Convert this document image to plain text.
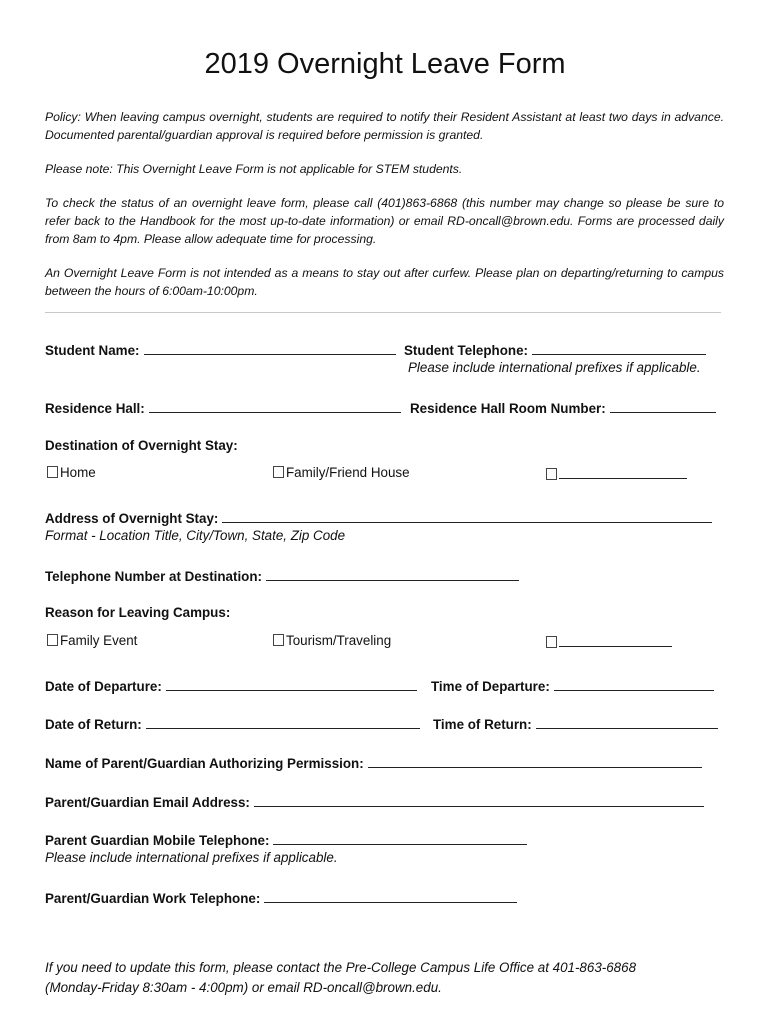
2019 Overnight Leave Form
Policy: When leaving campus overnight, students are required to notify their Resident Assistant at least two days in advance. Documented parental/guardian approval is required before permission is granted.
Please note: This Overnight Leave Form is not applicable for STEM students.
To check the status of an overnight leave form, please call (401)863-6868 (this number may change so please be sure to refer back to the Handbook for the most up-to-date information) or email RD-oncall@brown.edu. Forms are processed daily from 8am to 4pm. Please allow adequate time for processing.
An Overnight Leave Form is not intended as a means to stay out after curfew. Please plan on departing/returning to campus between the hours of 6:00am-10:00pm.
Student Name:	Student Telephone:
Please include international prefixes if applicable.
Residence Hall:	Residence Hall Room Number:
Destination of Overnight Stay:
Home	Family/Friend House
Address of Overnight Stay:
Format - Location Title, City/Town, State, Zip Code
Telephone Number at Destination:
Reason for Leaving Campus:
Family Event	Tourism/Traveling
Date of Departure:	Time of Departure:
Date of Return:	Time of Return:
Name of Parent/Guardian Authorizing Permission:
Parent/Guardian Email Address:
Parent Guardian Mobile Telephone:
Please include international prefixes if applicable.
Parent/Guardian Work Telephone:
If you need to update this form, please contact the Pre-College Campus Life Office at 401-863-6868
(Monday-Friday 8:30am - 4:00pm) or email RD-oncall@brown.edu.
